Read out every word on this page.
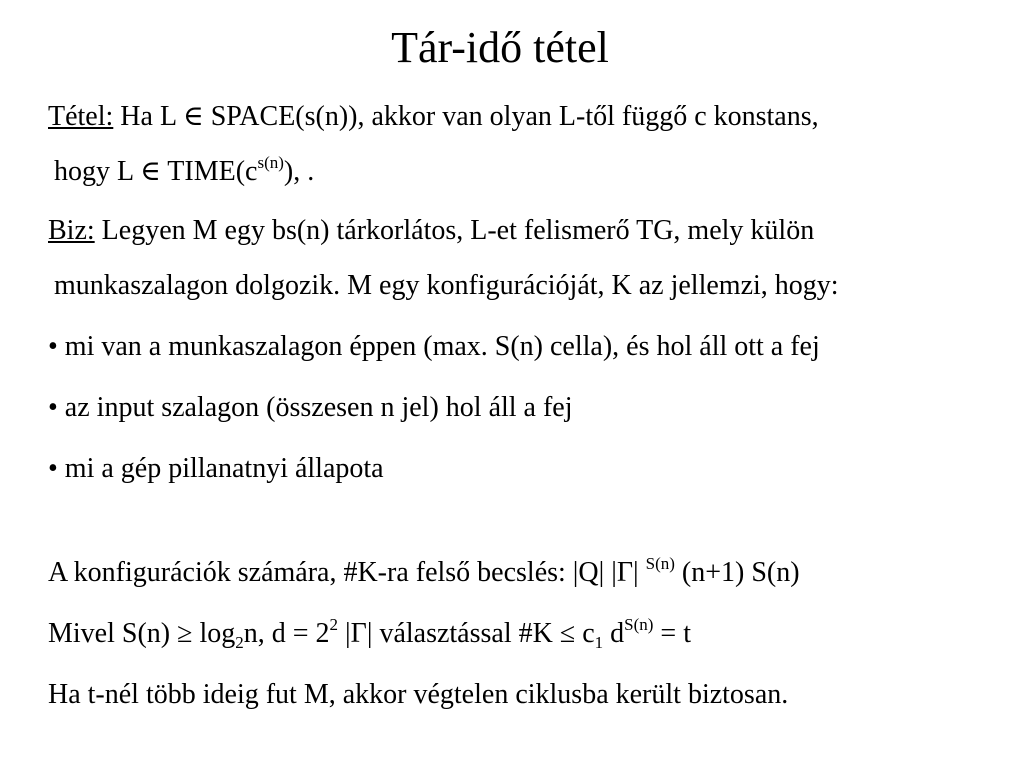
Tár-idő tétel
Tétel: Ha L ∈ SPACE(s(n)), akkor van olyan L-től függő c konstans,
hogy L ∈ $TIME(c^{s(n)})$, .
Biz: Legyen M egy bs(n) tárkorlátos, L-et felismerő TG, mely külön
munkaszalagon dolgozik. M egy konfigurációját, K az jellemzi, hogy:
• mi van a munkaszalagon éppen (max. S(n) cella), és hol áll ott a fej
• az input szalagon (összesen n jel) hol áll a fej
• mi a gép pillanatnyi állapota
A konfigurációk számára, #K-ra felső becslés: |Q| |Γ| $^{S(n)}$ (n+1) S(n)
Mivel $S(n) \ge \log_2n$, $d = 2^2$ |Γ| választással #K ≤ $c_1$ $d^{S(n)} = t$
Ha t-nél több ideig fut M, akkor végtelen ciklusba került biztosan.
